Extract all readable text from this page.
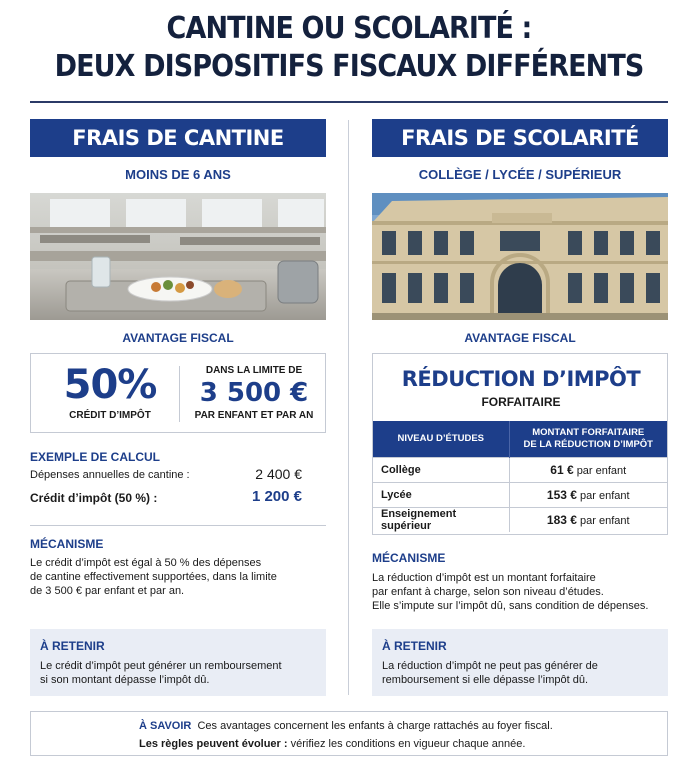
CANTINE OU SCOLARITÉ :
DEUX DISPOSITIFS FISCAUX DIFFÉRENTS
FRAIS DE CANTINE
MOINS DE 6 ANS
AVANTAGE FISCAL
50%
CRÉDIT D’IMPÔT
DANS LA LIMITE DE
3 500 €
PAR ENFANT ET PAR AN
EXEMPLE DE CALCUL
Dépenses annuelles de cantine :	2 400 €
Crédit d’impôt (50 %) :	1 200 €
MÉCANISME
Le crédit d’impôt est égal à 50 % des dépenses
de cantine effectivement supportées, dans la limite
de 3 500 € par enfant et par an.
À RETENIR
Le crédit d’impôt peut générer un remboursement
si son montant dépasse l’impôt dû.
FRAIS DE SCOLARITÉ
COLLÈGE / LYCÉE / SUPÉRIEUR
AVANTAGE FISCAL
RÉDUCTION D’IMPÔT
FORFAITAIRE
NIVEAU D’ÉTUDES	MONTANT FORFAITAIRE
DE LA RÉDUCTION D’IMPÔT

Collège	61 € par enfant
Lycée	153 € par enfant
Enseignement supérieur	183 € par enfant
MÉCANISME
La réduction d’impôt est un montant forfaitaire
par enfant à charge, selon son niveau d’études.
Elle s’impute sur l’impôt dû, sans condition de dépenses.
À RETENIR
La réduction d’impôt ne peut pas générer de
remboursement si elle dépasse l’impôt dû.
À SAVOIR Ces avantages concernent les enfants à charge rattachés au foyer fiscal.
Les règles peuvent évoluer : vérifiez les conditions en vigueur chaque année.
